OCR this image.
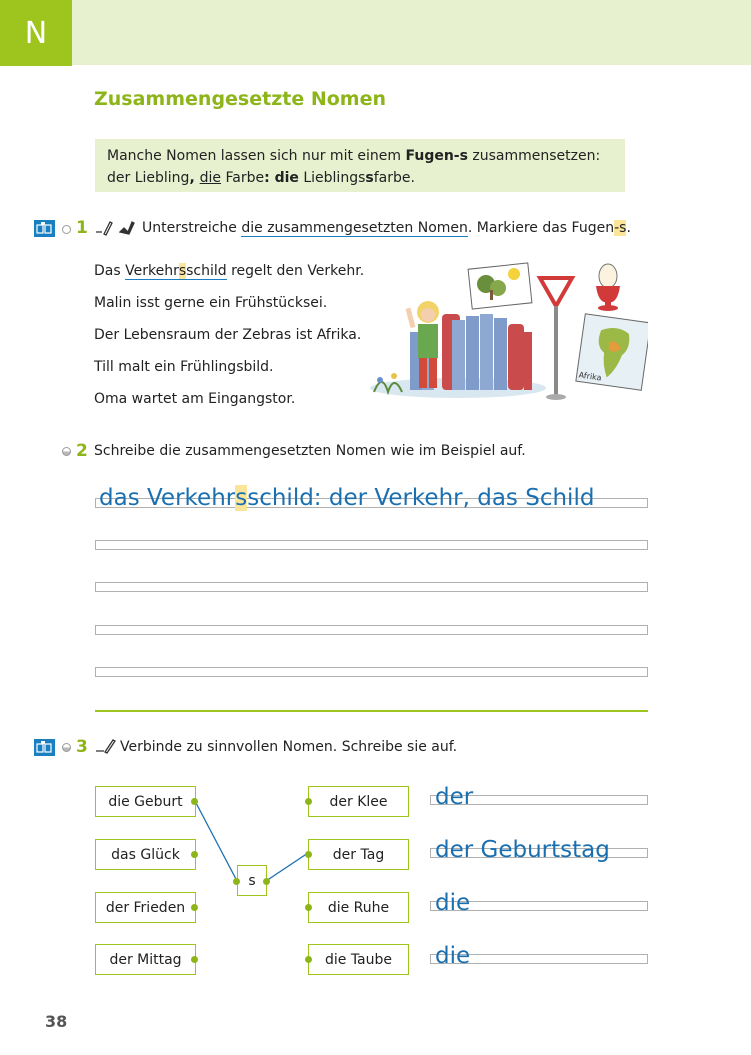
N
Zusammengesetzte Nomen
Manche Nomen lassen sich nur mit einem Fugen-s zusammensetzen:
der Liebling, die Farbe: die Lieblingssfarbe.
1	Unterstreiche die zusammengesetzten Nomen. Markiere das Fugen-s.
Das Verkehrsschild regelt den Verkehr.
Malin isst gerne ein Frühstücksei.
Der Lebensraum der Zebras ist Afrika.
Till malt ein Frühlingsbild.
Oma wartet am Eingangstor.
Afrika
2 Schreibe die zusammengesetzten Nomen wie im Beispiel auf.
das Verkehrsschild: der Verkehr, das Schild
3 Verbinde zu sinnvollen Nomen. Schreibe sie auf.
die Geburt
das Glück
der Frieden
der Mittag
s
der Klee
der Tag
die Ruhe
die Taube
der
der Geburtstag
die
die
38
